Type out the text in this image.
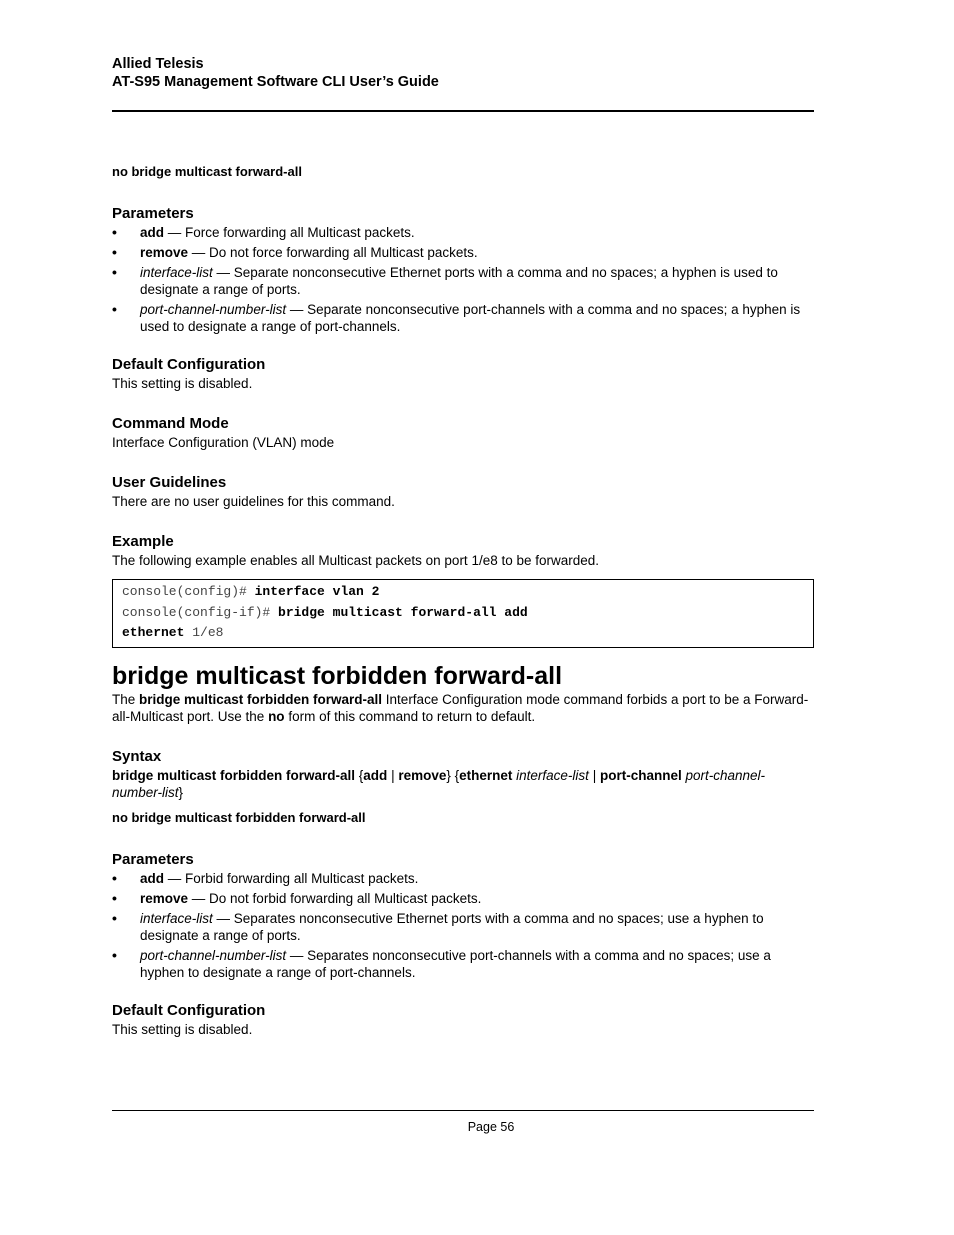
Allied Telesis
AT-S95 Management Software CLI User’s Guide

no bridge multicast forward-all

Parameters
• add — Force forwarding all Multicast packets.
• remove — Do not force forwarding all Multicast packets.
• interface-list — Separate nonconsecutive Ethernet ports with a comma and no spaces; a hyphen is used to designate a range of ports.
• port-channel-number-list — Separate nonconsecutive port-channels with a comma and no spaces; a hyphen is used to designate a range of port-channels.
Default Configuration

This setting is disabled.

Command Mode

Interface Configuration (VLAN) mode

User Guidelines

There are no user guidelines for this command.

Example

The following example enables all Multicast packets on port 1/e8 to be forwarded.

console(config)# interface vlan 2
console(config-if)# bridge multicast forward-all add
ethernet 1/e8
bridge multicast forbidden forward-all

The bridge multicast forbidden forward-all Interface Configuration mode command forbids a port to be a Forward-all-Multicast port. Use the no form of this command to return to default.

Syntax

bridge multicast forbidden forward-all {add | remove} {ethernet interface-list | port-channel port-channel-number-list}

no bridge multicast forbidden forward-all

Parameters
• add — Forbid forwarding all Multicast packets.
• remove — Do not forbid forwarding all Multicast packets.
• interface-list — Separates nonconsecutive Ethernet ports with a comma and no spaces; use a hyphen to designate a range of ports.
• port-channel-number-list — Separates nonconsecutive port-channels with a comma and no spaces; use a hyphen to designate a range of port-channels.
Default Configuration

This setting is disabled.

Page 56
